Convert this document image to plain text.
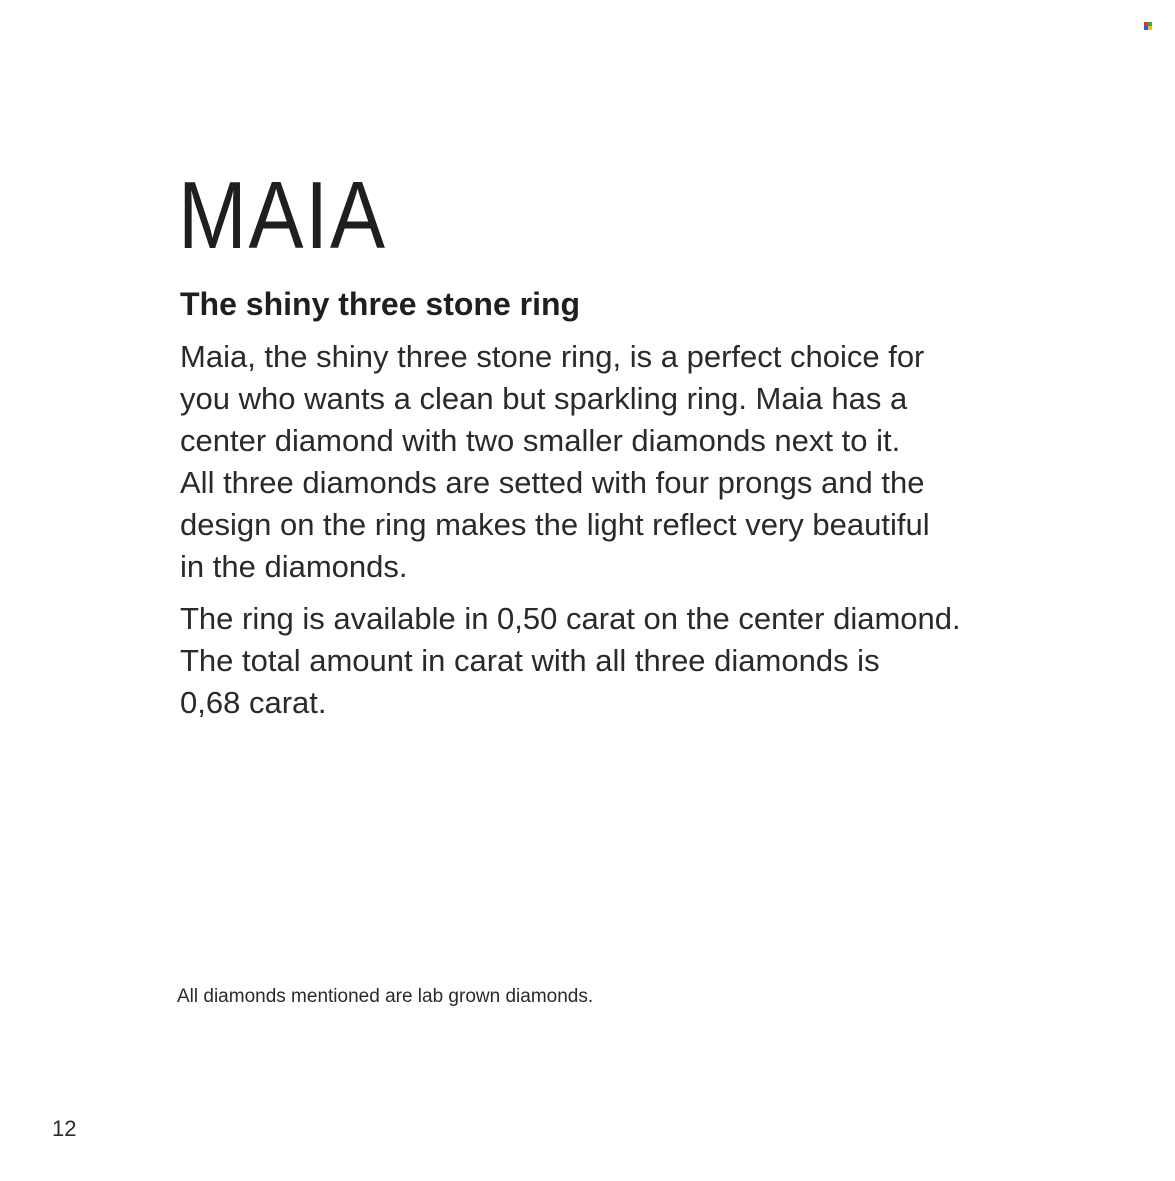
MAIA
The shiny three stone ring

Maia, the shiny three stone ring, is a perfect choice for
you who wants a clean but sparkling ring. Maia has a
center diamond with two smaller diamonds next to it.
All three diamonds are setted with four prongs and the
design on the ring makes the light reflect very beautiful
in the diamonds.

The ring is available in 0,50 carat on the center diamond.
The total amount in carat with all three diamonds is
0,68 carat.

All diamonds mentioned are lab grown diamonds.

12
